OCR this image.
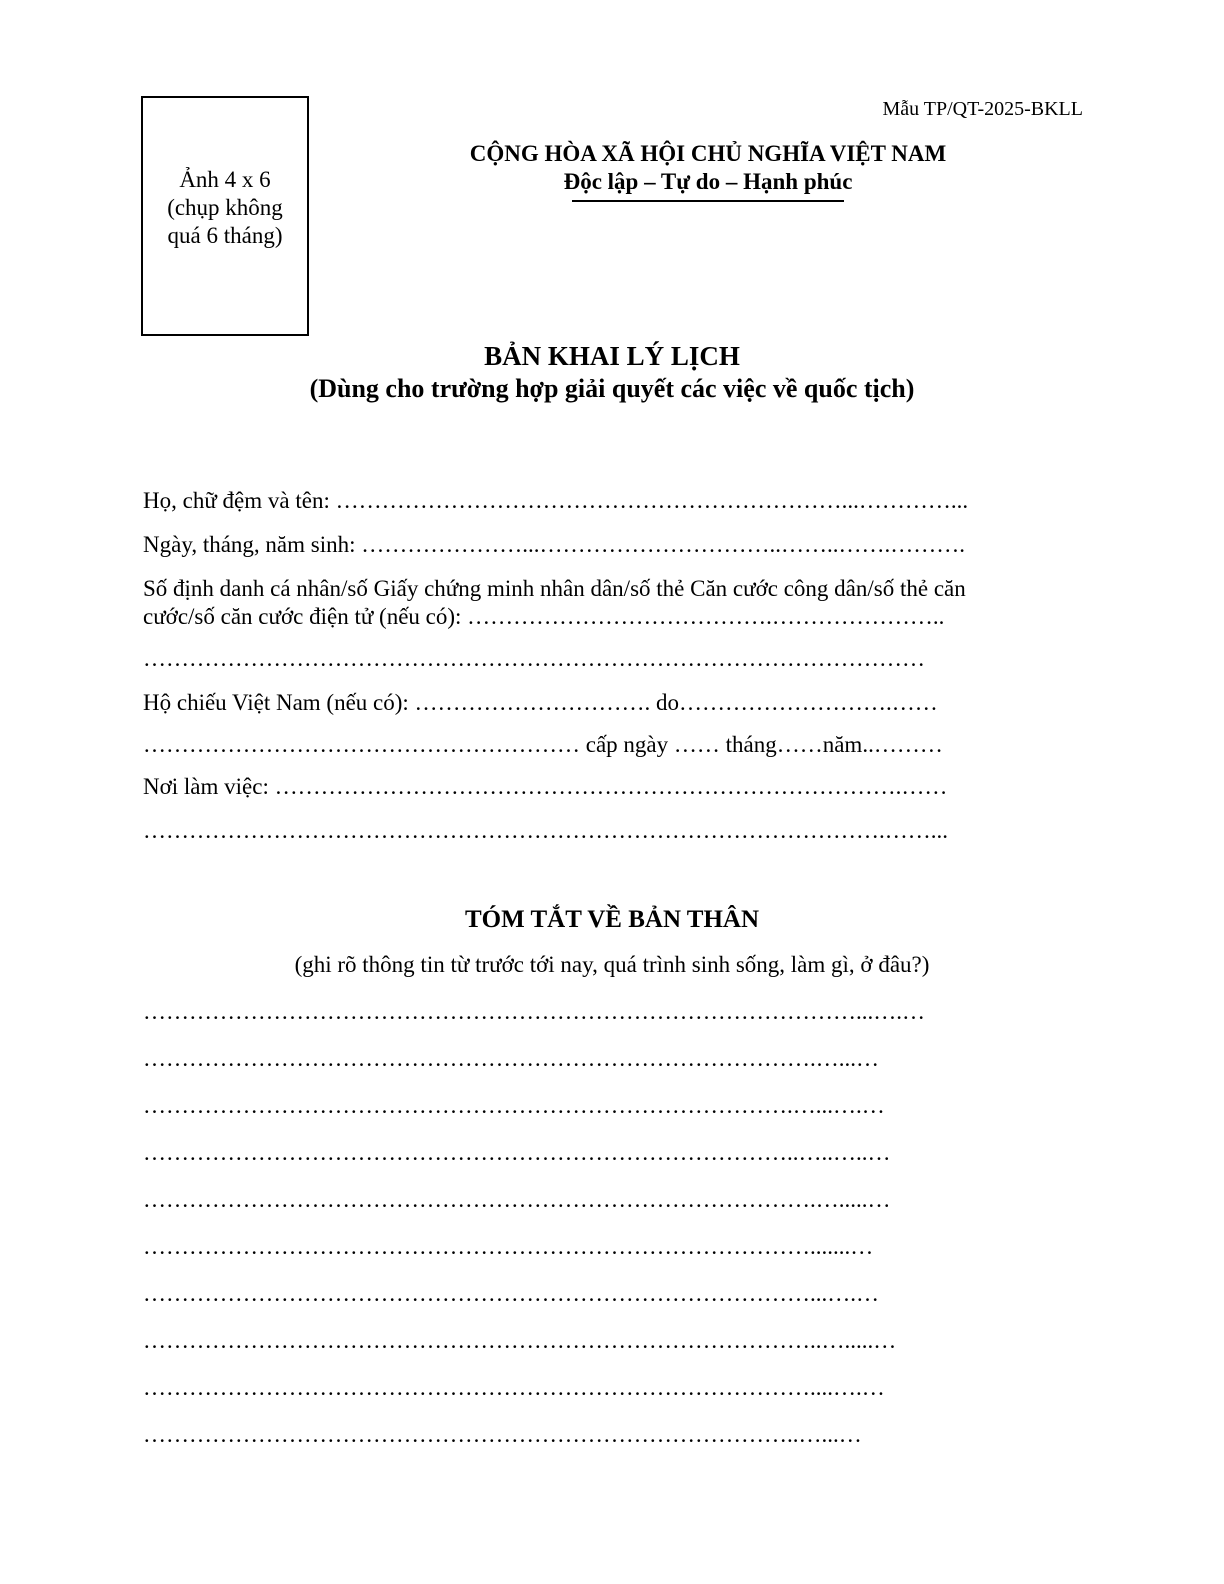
Ảnh 4 x 6
(chụp không
quá 6 tháng)
Mẫu TP/QT-2025-BKLL
CỘNG HÒA XÃ HỘI CHỦ NGHĨA VIỆT NAM
Độc lập – Tự do – Hạnh phúc
BẢN KHAI LÝ LỊCH
(Dùng cho trường hợp giải quyết các việc về quốc tịch)
Họ, chữ đệm và tên: …………………………………………………………...…………...
Ngày, tháng, năm sinh: …………………...…………………………..……..…….……….
Số định danh cá nhân/số Giấy chứng minh nhân dân/số thẻ Căn cước công dân/số thẻ căn
cước/số căn cước điện tử (nếu có): ………………………………….…………………..
…………………………………………………………………………………………
Hộ chiếu Việt Nam (nếu có): …………………………. do……………………….……
………………………………………………… cấp ngày …… tháng……năm..………
Nơi làm việc: ……………………………………………………………………….……
…………………………………………………………………………………….……...
TÓM TẮT VỀ BẢN THÂN
(ghi rõ thông tin từ trước tới nay, quá trình sinh sống, làm gì, ở đâu?)
…………………………………………………………………………………...….…
…………………………………………………………………………….…...…
………………………………………………………………………….…...….…
…………………………………………………………………………..…..…..…
…………………………………………………………………………….….....…
…………………………………………………………………………….......…
……………………………………………………………………………...….…
……………………………………………………………………………..….....…
……………………………………………………………………………....….…
…………………………………………………………………………..…...…
